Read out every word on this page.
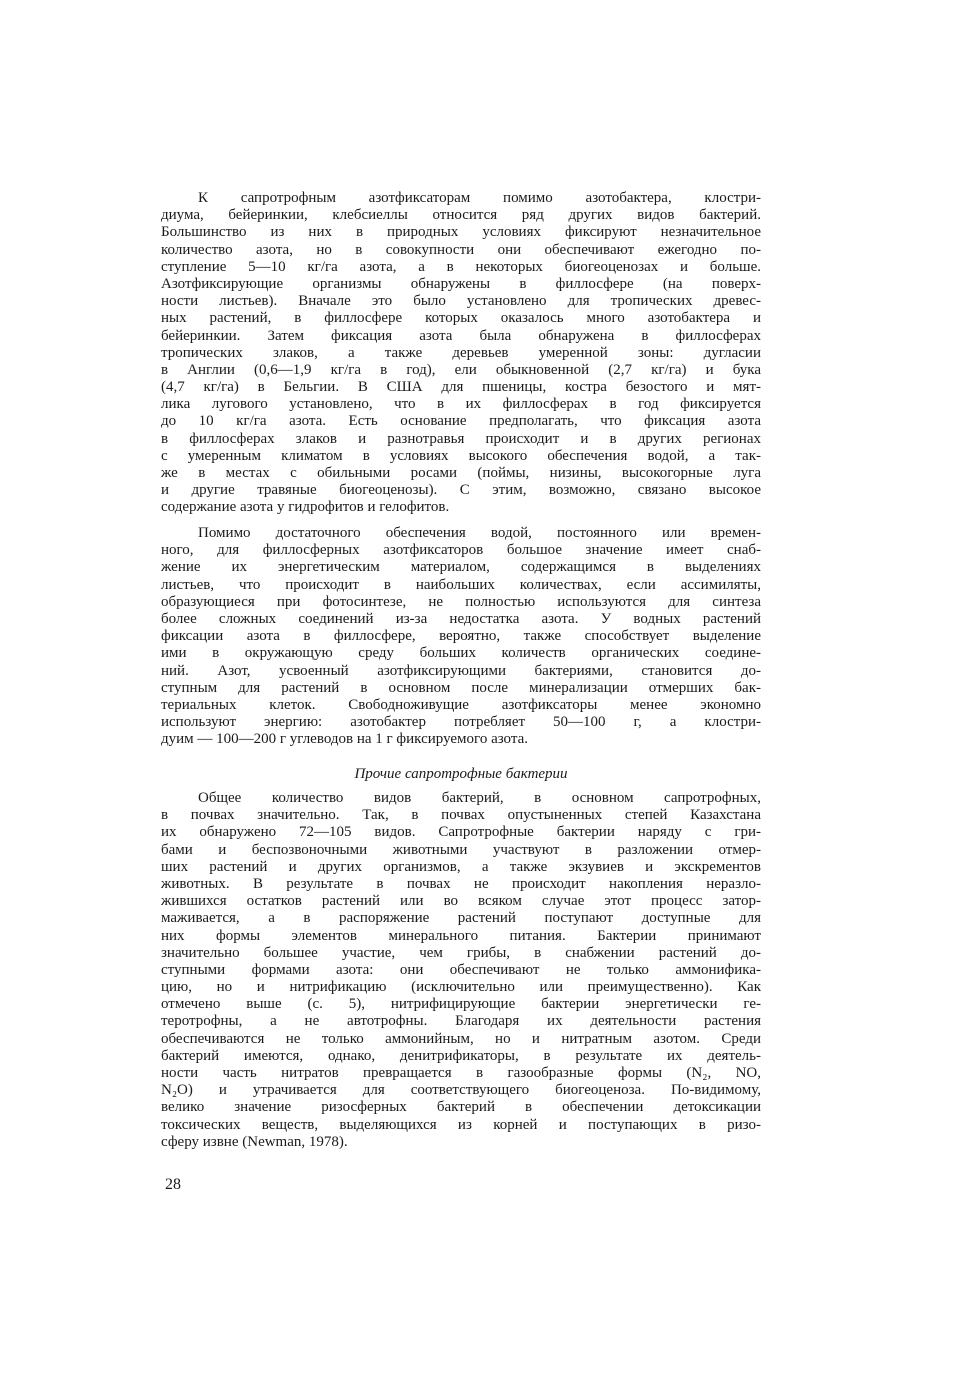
К сапротрофным азотфиксаторам помимо азотобактера, клостри-
диума, бейеринкии, клебсиеллы относится ряд других видов бактерий.
Большинство из них в природных условиях фиксируют незначительное
количество азота, но в совокупности они обеспечивают ежегодно по-
ступление 5—10 кг/га азота, а в некоторых биогеоценозах и больше.
Азотфиксирующие организмы обнаружены в филлосфере (на поверх-
ности листьев). Вначале это было установлено для тропических древес-
ных растений, в филлосфере которых оказалось много азотобактера и
бейеринкии. Затем фиксация азота была обнаружена в филлосферах
тропических злаков, а также деревьев умеренной зоны: дугласии
в Англии (0,6—1,9 кг/га в год), ели обыкновенной (2,7 кг/га) и бука
(4,7 кг/га) в Бельгии. В США для пшеницы, костра безостого и мят-
лика лугового установлено, что в их филлосферах в год фиксируется
до 10 кг/га азота. Есть основание предполагать, что фиксация азота
в филлосферах злаков и разнотравья происходит и в других регионах
с умеренным климатом в условиях высокого обеспечения водой, а так-
же в местах с обильными росами (поймы, низины, высокогорные луга
и другие травяные биогеоценозы). С этим, возможно, связано высокое
содержание азота у гидрофитов и гелофитов.
Помимо достаточного обеспечения водой, постоянного или времен-
ного, для филлосферных азотфиксаторов большое значение имеет снаб-
жение их энергетическим материалом, содержащимся в выделениях
листьев, что происходит в наибольших количествах, если ассимиляты,
образующиеся при фотосинтезе, не полностью используются для синтеза
более сложных соединений из-за недостатка азота. У водных растений
фиксации азота в филлосфере, вероятно, также способствует выделение
ими в окружающую среду больших количеств органических соедине-
ний. Азот, усвоенный азотфиксирующими бактериями, становится до-
ступным для растений в основном после минерализации отмерших бак-
териальных клеток. Свободноживущие азотфиксаторы менее экономно
используют энергию: азотобактер потребляет 50—100 г, а клостри-
дуим — 100—200 г углеводов на 1 г фиксируемого азота.
Прочие сапротрофные бактерии
Общее количество видов бактерий, в основном сапротрофных,
в почвах значительно. Так, в почвах опустыненных степей Казахстана
их обнаружено 72—105 видов. Сапротрофные бактерии наряду с гри-
бами и беспозвоночными животными участвуют в разложении отмер-
ших растений и других организмов, а также экзувиев и экскрементов
животных. В результате в почвах не происходит накопления неразло-
жившихся остатков растений или во всяком случае этот процесс затор-
маживается, а в распоряжение растений поступают доступные для
них формы элементов минерального питания. Бактерии принимают
значительно большее участие, чем грибы, в снабжении растений до-
ступными формами азота: они обеспечивают не только аммонифика-
цию, но и нитрификацию (исключительно или преимущественно). Как
отмечено выше (с. 5), нитрифицирующие бактерии энергетически ге-
теротрофны, а не автотрофны. Благодаря их деятельности растения
обеспечиваются не только аммонийным, но и нитратным азотом. Среди
бактерий имеются, однако, денитрификаторы, в результате их деятель-
ности часть нитратов превращается в газообразные формы (N₂, NO,
N₂O) и утрачивается для соответствующего биогеоценоза. По-видимому,
велико значение ризосферных бактерий в обеспечении детоксикации
токсических веществ, выделяющихся из корней и поступающих в ризо-
сферу извне (Newman, 1978).
28
